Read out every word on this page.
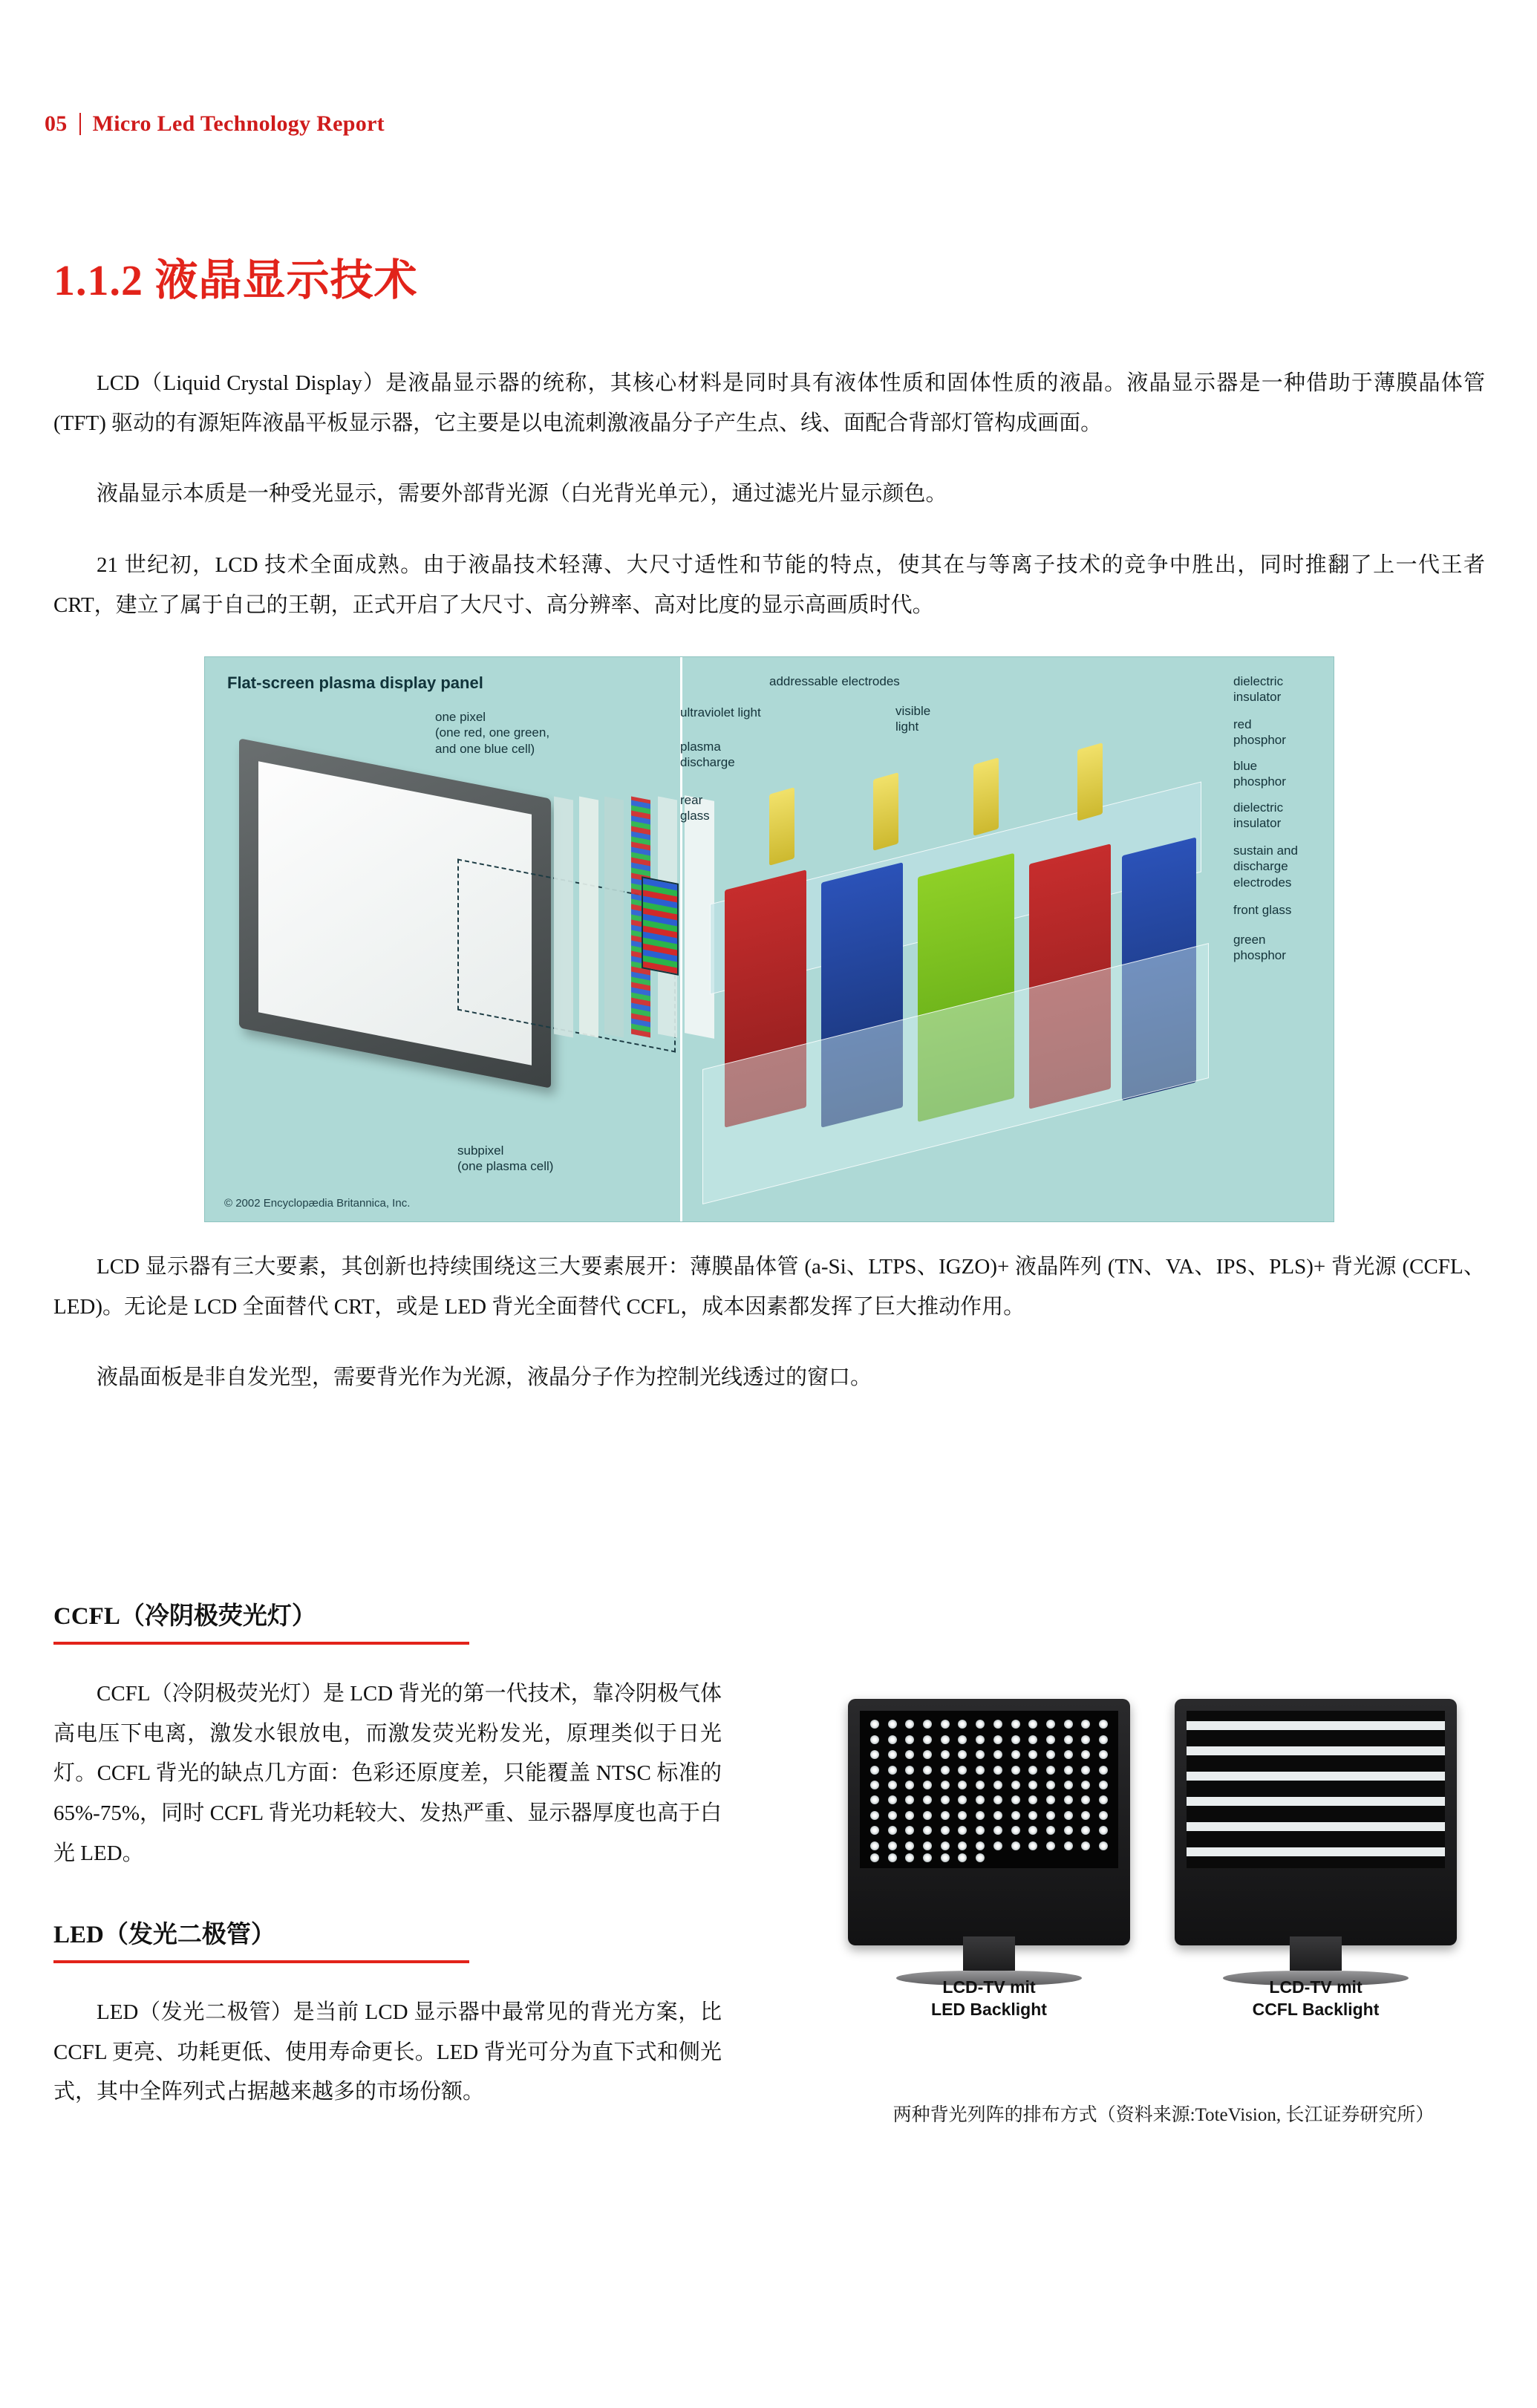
05 Micro Led Technology Report
1.1.2 液晶显示技术

LCD（Liquid Crystal Display）是液晶显示器的统称，其核心材料是同时具有液体性质和固体性质的液晶。液晶显示器是一种借助于薄膜晶体管 (TFT) 驱动的有源矩阵液晶平板显示器，它主要是以电流刺激液晶分子产生点、线、面配合背部灯管构成画面。

液晶显示本质是一种受光显示，需要外部背光源（白光背光单元），通过滤光片显示颜色。

21 世纪初，LCD 技术全面成熟。由于液晶技术轻薄、大尺寸适性和节能的特点，使其在与等离子技术的竞争中胜出，同时推翻了上一代王者 CRT，建立了属于自己的王朝，正式开启了大尺寸、高分辨率、高对比度的显示高画质时代。

Flat-screen plasma display panel
© 2002 Encyclopædia Britannica, Inc.
one pixel
(one red, one green,
and one blue cell)
subpixel
(one plasma cell)
addressable electrodes
ultraviolet light	visible
light
plasma
discharge
rear
glass
dielectric
insulator
red
phosphor
blue
phosphor
dielectric
insulator
sustain and
discharge
electrodes
front glass
green
phosphor

LCD 显示器有三大要素，其创新也持续围绕这三大要素展开：薄膜晶体管 (a-Si、LTPS、IGZO)+ 液晶阵列 (TN、VA、IPS、PLS)+ 背光源 (CCFL、LED)。无论是 LCD 全面替代 CRT，或是 LED 背光全面替代 CCFL，成本因素都发挥了巨大推动作用。

液晶面板是非自发光型，需要背光作为光源，液晶分子作为控制光线透过的窗口。

CCFL（冷阴极荧光灯）

CCFL（冷阴极荧光灯）是 LCD 背光的第一代技术，靠冷阴极气体高电压下电离，激发水银放电，而激发荧光粉发光，原理类似于日光灯。CCFL 背光的缺点几方面：色彩还原度差，只能覆盖 NTSC 标准的 65%-75%，同时 CCFL 背光功耗较大、发热严重、显示器厚度也高于白光 LED。

LED（发光二极管）

LED（发光二极管）是当前 LCD 显示器中最常见的背光方案，比 CCFL 更亮、功耗更低、使用寿命更长。LED 背光可分为直下式和侧光式，其中全阵列式占据越来越多的市场份额。

LCD-TV mit
LED Backlight
LCD-TV mit
CCFL Backlight
两种背光列阵的排布方式（资料来源:ToteVision, 长江证券研究所）
